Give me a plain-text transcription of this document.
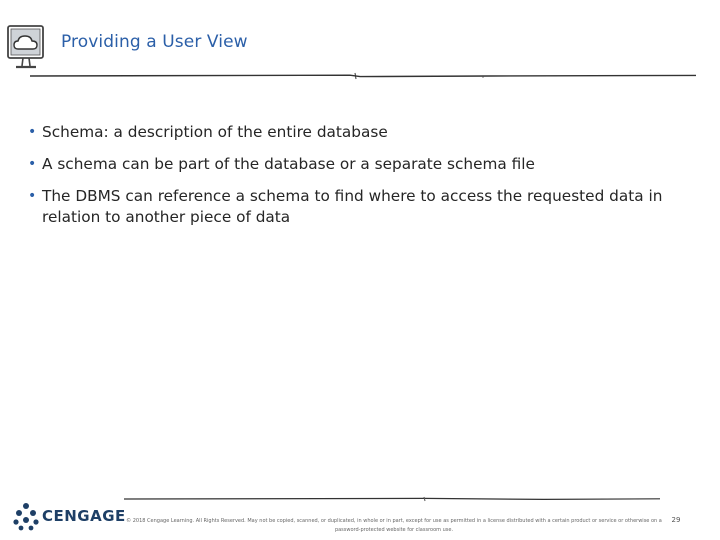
Providing a User View
• Schema: a description of the entire database
• A schema can be part of the database or a separate schema file
• The DBMS can reference a schema to find where to access the requested data in relation to another piece of data
CENGAGE © 2018 Cengage Learning. All Rights Reserved. May not be copied, scanned, or duplicated, in whole or in part, except for use as permitted in a license distributed with a certain product or service or otherwise on a password-protected website for classroom use.
29
